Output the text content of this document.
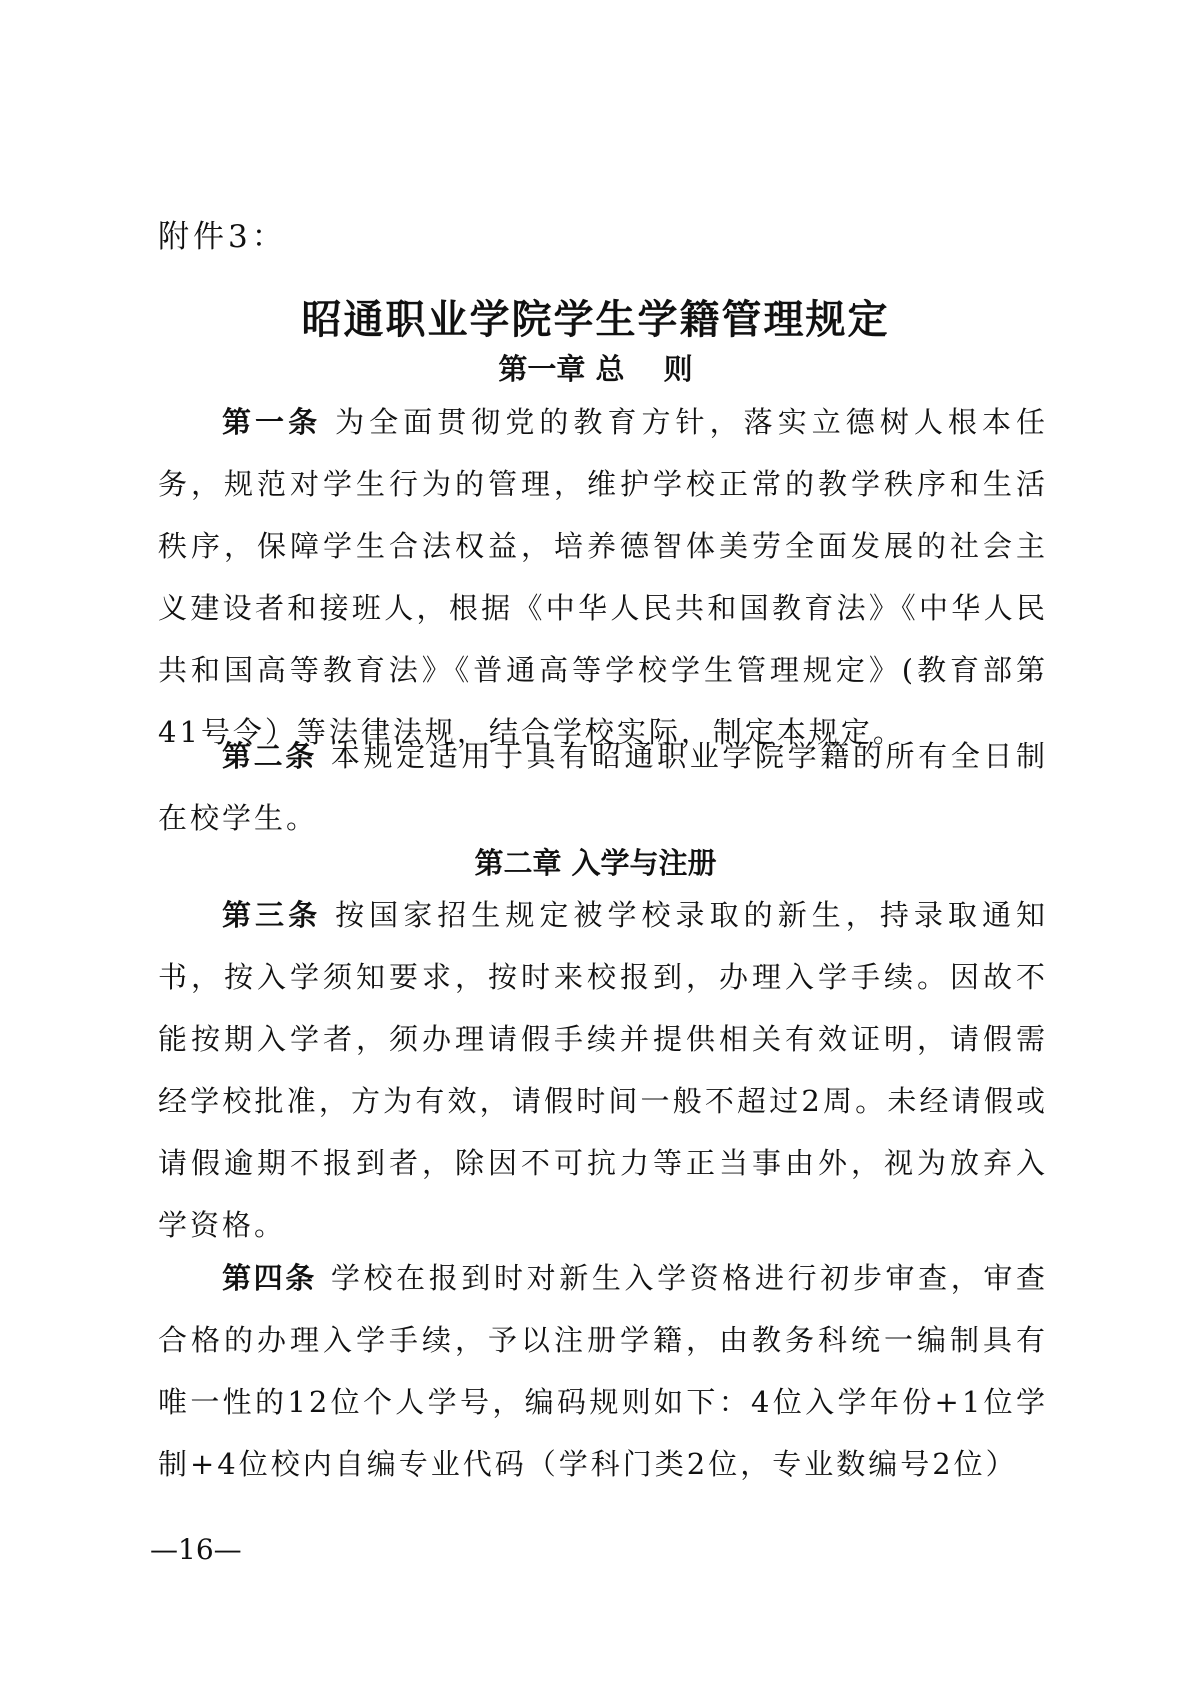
附件3：
昭通职业学院学生学籍管理规定
第一章 总　 则

第一条 为全面贯彻党的教育方针，落实立德树人根本任务，规范对学生行为的管理，维护学校正常的教学秩序和生活秩序，保障学生合法权益，培养德智体美劳全面发展的社会主义建设者和接班人，根据《中华人民共和国教育法》《中华人民共和国高等教育法》《普通高等学校学生管理规定》(教育部第41号令）等法律法规，结合学校实际，制定本规定。

第二条 本规定适用于具有昭通职业学院学籍的所有全日制在校学生。

第二章 入学与注册

第三条 按国家招生规定被学校录取的新生，持录取通知书，按入学须知要求，按时来校报到，办理入学手续。因故不能按期入学者，须办理请假手续并提供相关有效证明，请假需经学校批准，方为有效，请假时间一般不超过2周。未经请假或请假逾期不报到者，除因不可抗力等正当事由外，视为放弃入学资格。

第四条 学校在报到时对新生入学资格进行初步审查，审查合格的办理入学手续，予以注册学籍，由教务科统一编制具有唯一性的12位个人学号，编码规则如下：4位入学年份+1位学制+4位校内自编专业代码（学科门类2位，专业数编号2位）

—16—
